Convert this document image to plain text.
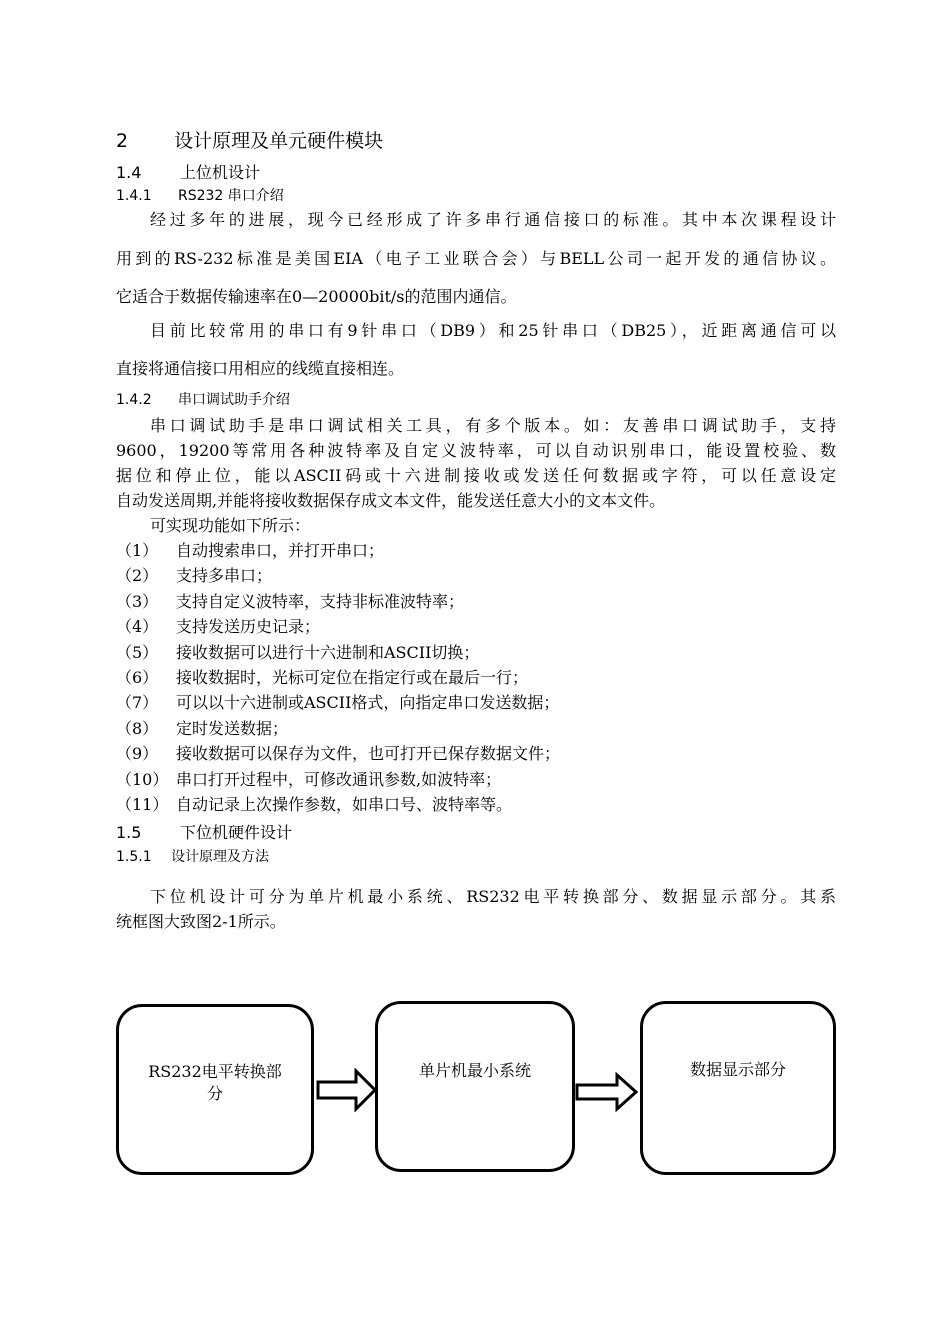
2 设计原理及单元硬件模块
1.4 上位机设计
1.4.1 RS232 串口介绍
经过多年的进展，现今已经形成了许多串行通信接口的标准。其中本次课程设计
用到的RS-232标准是美国EIA（电子工业联合会）与BELL公司一起开发的通信协议。
它适合于数据传输速率在0—20000bit/s的范围内通信。
目前比较常用的串口有9针串口（DB9）和25针串口（DB25），近距离通信可以
直接将通信接口用相应的线缆直接相连。
1.4.2 串口调试助手介绍
串口调试助手是串口调试相关工具，有多个版本。如：友善串口调试助手，支持
9600，19200等常用各种波特率及自定义波特率，可以自动识别串口，能设置校验、数
据位和停止位，能以ASCII码或十六进制接收或发送任何数据或字符，可以任意设定
自动发送周期,并能将接收数据保存成文本文件，能发送任意大小的文本文件。
可实现功能如下所示：
（1） 自动搜索串口，并打开串口；
（2） 支持多串口；
（3） 支持自定义波特率，支持非标准波特率；
（4） 支持发送历史记录；
（5） 接收数据可以进行十六进制和ASCII切换；
（6） 接收数据时，光标可定位在指定行或在最后一行；
（7） 可以以十六进制或ASCII格式，向指定串口发送数据；
（8） 定时发送数据；
（9） 接收数据可以保存为文件，也可打开已保存数据文件；
（10） 串口打开过程中，可修改通讯参数,如波特率；
（11） 自动记录上次操作参数，如串口号、波特率等。
1.5 下位机硬件设计
1.5.1 设计原理及方法
下位机设计可分为单片机最小系统、RS232电平转换部分、数据显示部分。其系
统框图大致图2-1所示。
RS232电平转换部
分
单片机最小系统	数据显示部分
